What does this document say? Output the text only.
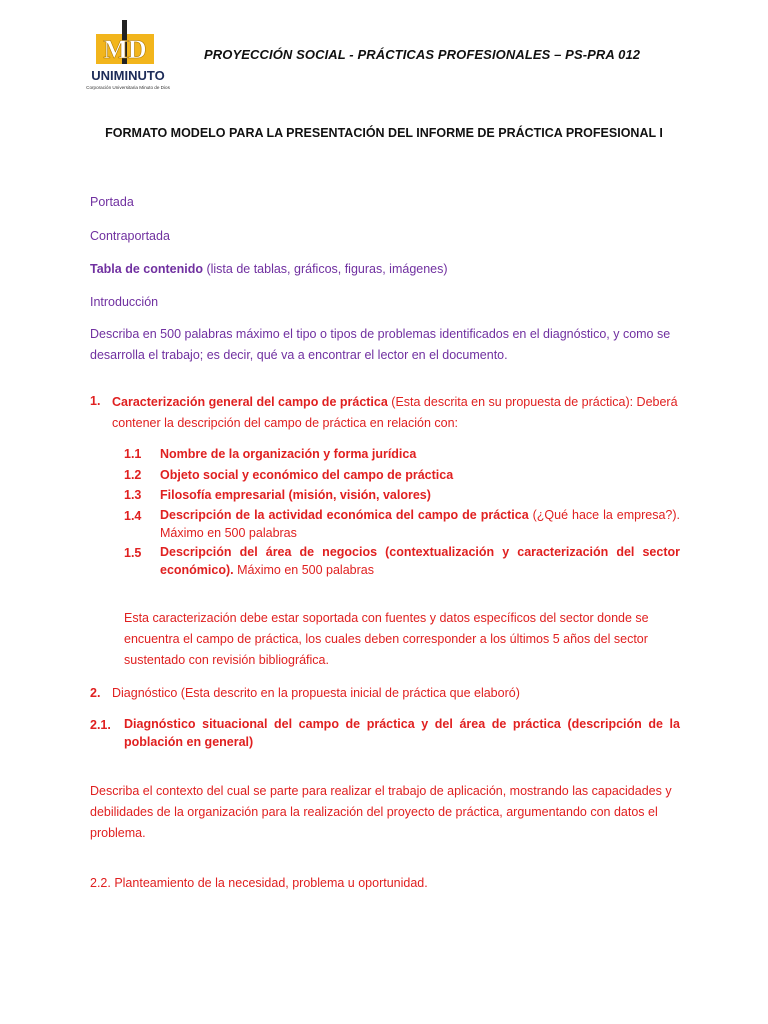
MD
UNIMINUTO
Corporación Universitaria Minuto de Dios
PROYECCIÓN SOCIAL - PRÁCTICAS PROFESIONALES – PS-PRA 012
FORMATO MODELO PARA LA PRESENTACIÓN DEL INFORME DE PRÁCTICA PROFESIONAL I
Portada
Contraportada
Tabla de contenido (lista de tablas, gráficos, figuras, imágenes)
Introducción
Describa en 500 palabras máximo el tipo o tipos de problemas identificados en el diagnóstico, y como se desarrolla el trabajo; es decir, qué va a encontrar el lector en el documento.
1. Caracterización general del campo de práctica (Esta descrita en su propuesta de práctica): Deberá contener la descripción del campo de práctica en relación con:
1.1 Nombre de la organización y forma jurídica
1.2 Objeto social y económico del campo de práctica
1.3 Filosofía empresarial (misión, visión, valores)
1.4 Descripción de la actividad económica del campo de práctica (¿Qué hace la empresa?). Máximo en 500 palabras
1.5 Descripción del área de negocios (contextualización y caracterización del sector económico). Máximo en 500 palabras
Esta caracterización debe estar soportada con fuentes y datos específicos del sector donde se encuentra el campo de práctica, los cuales deben corresponder a los últimos 5 años del sector sustentado con revisión bibliográfica.
2. Diagnóstico (Esta descrito en la propuesta inicial de práctica que elaboró)
2.1. Diagnóstico situacional del campo de práctica y del área de práctica (descripción de la población en general)
Describa el contexto del cual se parte para realizar el trabajo de aplicación, mostrando las capacidades y debilidades de la organización para la realización del proyecto de práctica, argumentando con datos el problema.
2.2. Planteamiento de la necesidad, problema u oportunidad.
